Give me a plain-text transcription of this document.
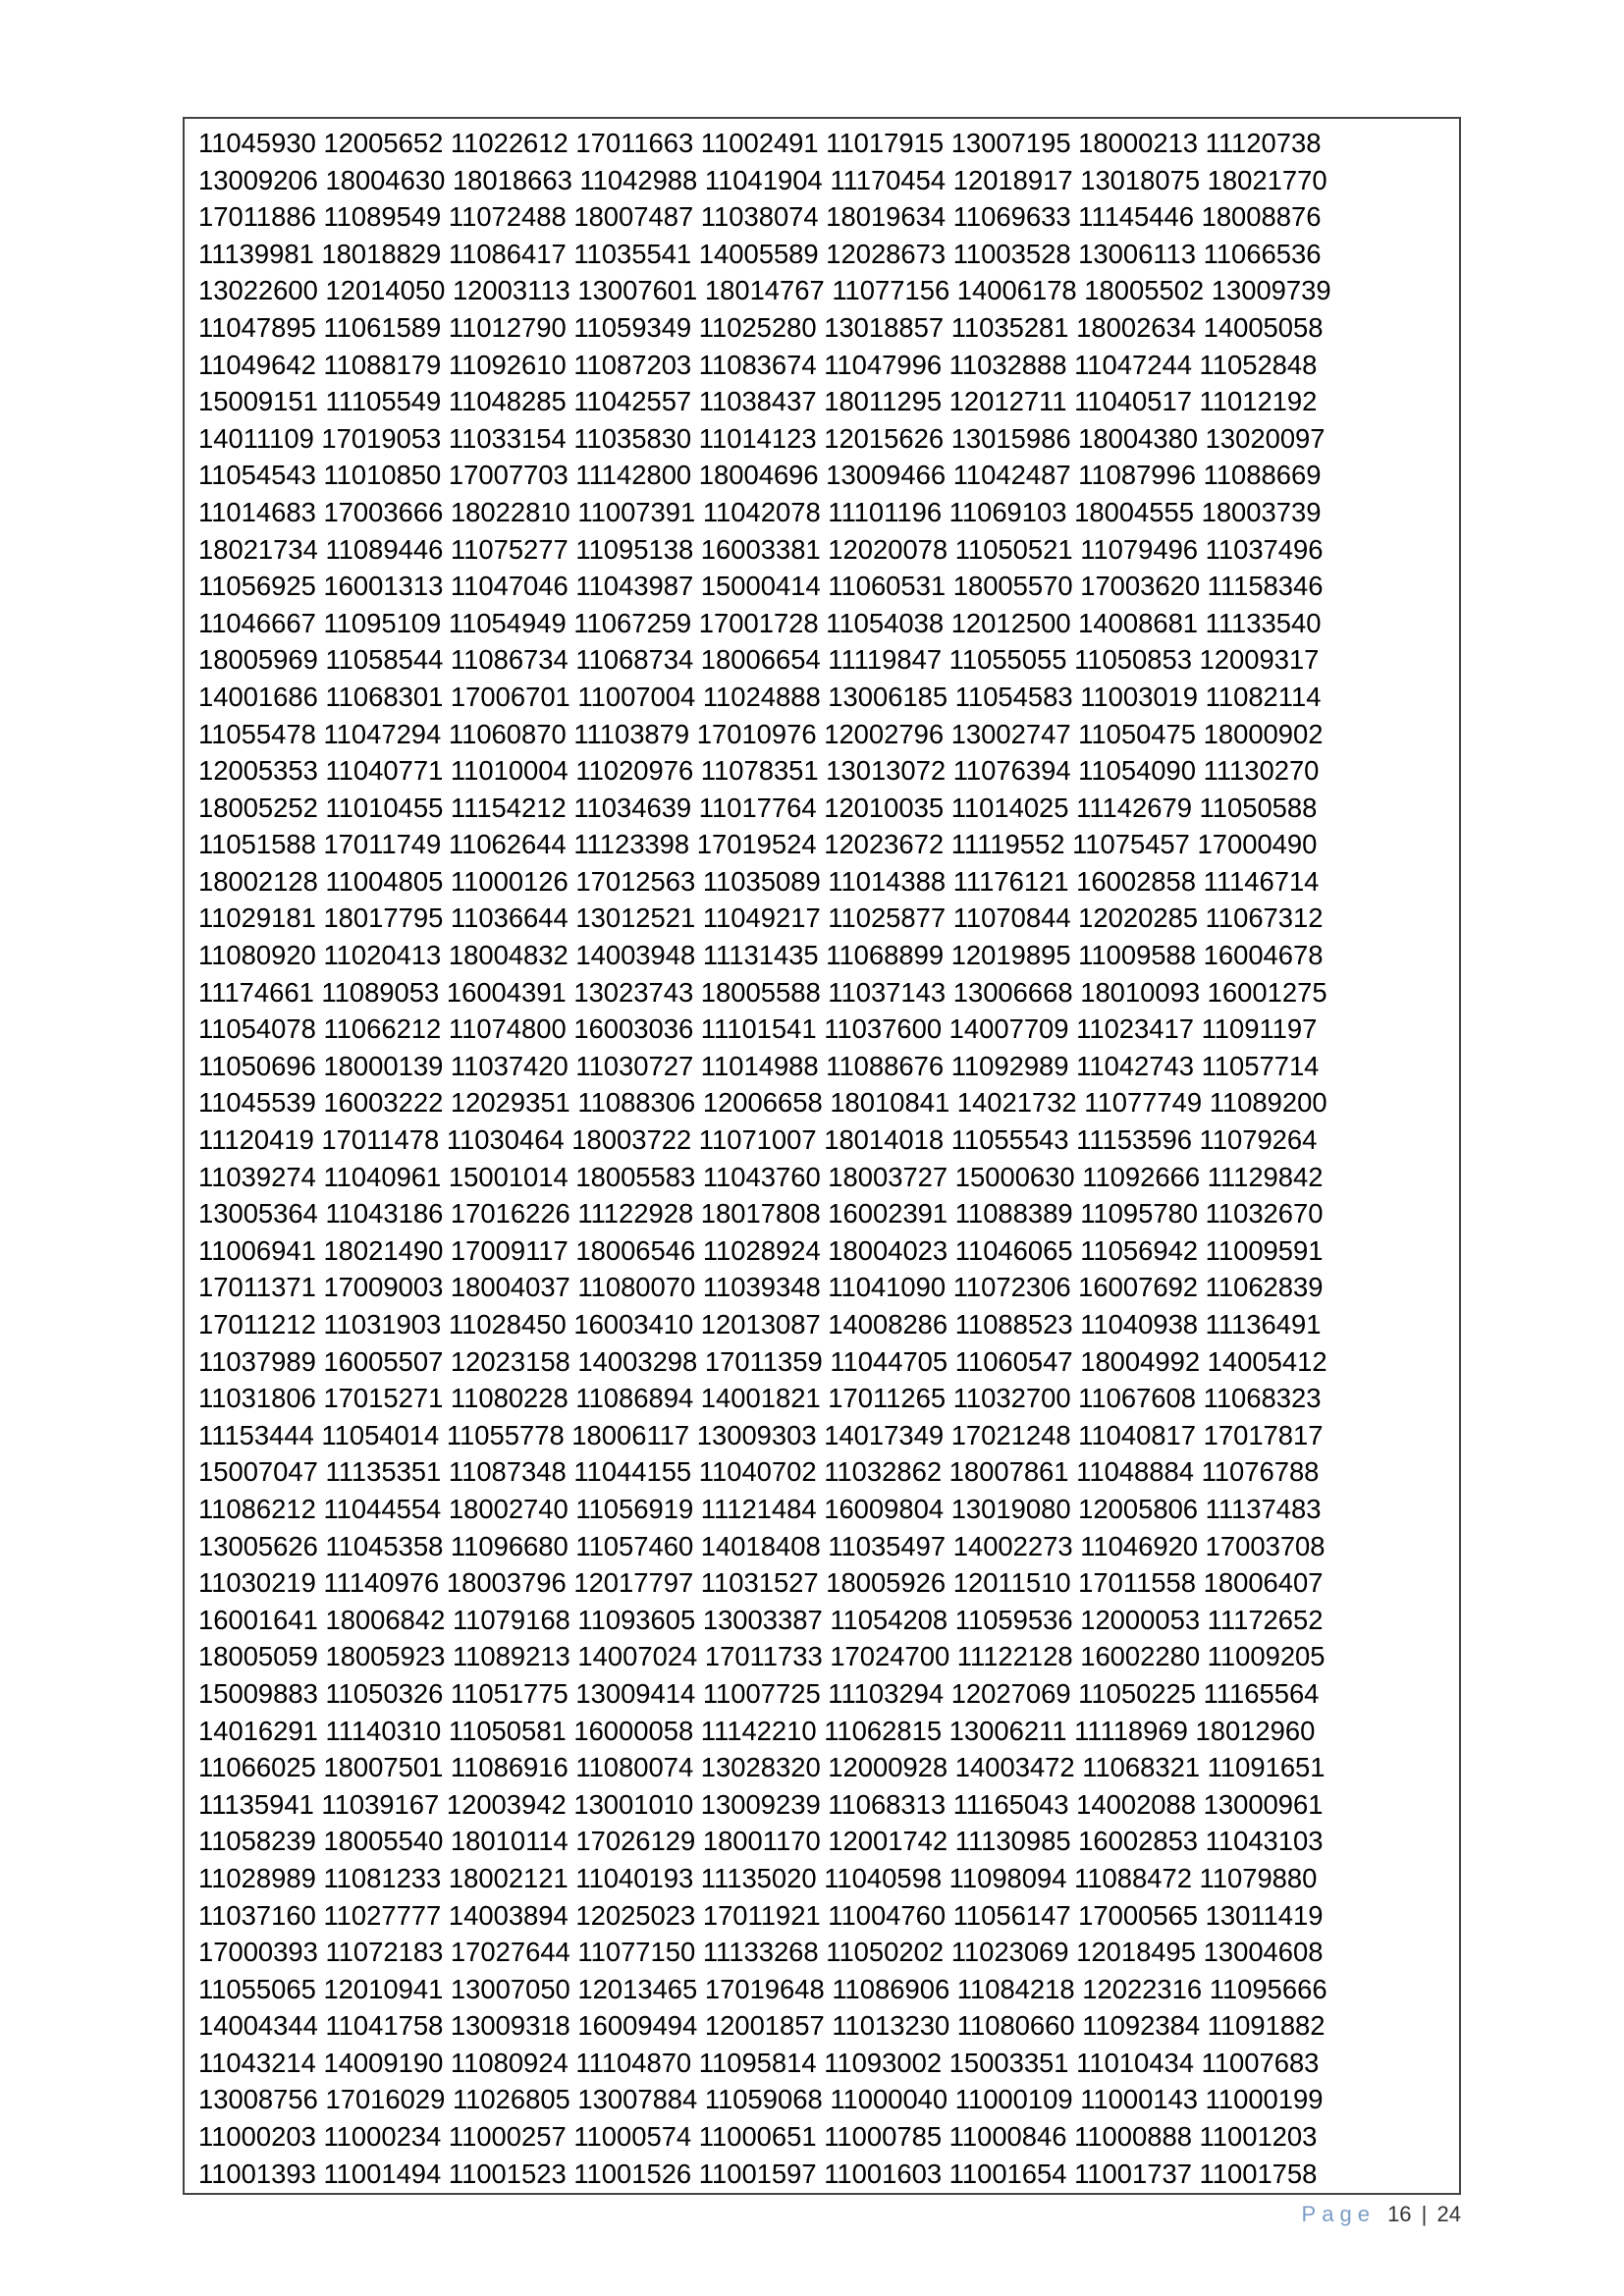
11045930 12005652 11022612 17011663 11002491 11017915 13007195 18000213 11120738
13009206 18004630 18018663 11042988 11041904 11170454 12018917 13018075 18021770
17011886 11089549 11072488 18007487 11038074 18019634 11069633 11145446 18008876
11139981 18018829 11086417 11035541 14005589 12028673 11003528 13006113 11066536
13022600 12014050 12003113 13007601 18014767 11077156 14006178 18005502 13009739
11047895 11061589 11012790 11059349 11025280 13018857 11035281 18002634 14005058
11049642 11088179 11092610 11087203 11083674 11047996 11032888 11047244 11052848
15009151 11105549 11048285 11042557 11038437 18011295 12012711 11040517 11012192
14011109 17019053 11033154 11035830 11014123 12015626 13015986 18004380 13020097
11054543 11010850 17007703 11142800 18004696 13009466 11042487 11087996 11088669
11014683 17003666 18022810 11007391 11042078 11101196 11069103 18004555 18003739
18021734 11089446 11075277 11095138 16003381 12020078 11050521 11079496 11037496
11056925 16001313 11047046 11043987 15000414 11060531 18005570 17003620 11158346
11046667 11095109 11054949 11067259 17001728 11054038 12012500 14008681 11133540
18005969 11058544 11086734 11068734 18006654 11119847 11055055 11050853 12009317
14001686 11068301 17006701 11007004 11024888 13006185 11054583 11003019 11082114
11055478 11047294 11060870 11103879 17010976 12002796 13002747 11050475 18000902
12005353 11040771 11010004 11020976 11078351 13013072 11076394 11054090 11130270
18005252 11010455 11154212 11034639 11017764 12010035 11014025 11142679 11050588
11051588 17011749 11062644 11123398 17019524 12023672 11119552 11075457 17000490
18002128 11004805 11000126 17012563 11035089 11014388 11176121 16002858 11146714
11029181 18017795 11036644 13012521 11049217 11025877 11070844 12020285 11067312
11080920 11020413 18004832 14003948 11131435 11068899 12019895 11009588 16004678
11174661 11089053 16004391 13023743 18005588 11037143 13006668 18010093 16001275
11054078 11066212 11074800 16003036 11101541 11037600 14007709 11023417 11091197
11050696 18000139 11037420 11030727 11014988 11088676 11092989 11042743 11057714
11045539 16003222 12029351 11088306 12006658 18010841 14021732 11077749 11089200
11120419 17011478 11030464 18003722 11071007 18014018 11055543 11153596 11079264
11039274 11040961 15001014 18005583 11043760 18003727 15000630 11092666 11129842
13005364 11043186 17016226 11122928 18017808 16002391 11088389 11095780 11032670
11006941 18021490 17009117 18006546 11028924 18004023 11046065 11056942 11009591
17011371 17009003 18004037 11080070 11039348 11041090 11072306 16007692 11062839
17011212 11031903 11028450 16003410 12013087 14008286 11088523 11040938 11136491
11037989 16005507 12023158 14003298 17011359 11044705 11060547 18004992 14005412
11031806 17015271 11080228 11086894 14001821 17011265 11032700 11067608 11068323
11153444 11054014 11055778 18006117 13009303 14017349 17021248 11040817 17017817
15007047 11135351 11087348 11044155 11040702 11032862 18007861 11048884 11076788
11086212 11044554 18002740 11056919 11121484 16009804 13019080 12005806 11137483
13005626 11045358 11096680 11057460 14018408 11035497 14002273 11046920 17003708
11030219 11140976 18003796 12017797 11031527 18005926 12011510 17011558 18006407
16001641 18006842 11079168 11093605 13003387 11054208 11059536 12000053 11172652
18005059 18005923 11089213 14007024 17011733 17024700 11122128 16002280 11009205
15009883 11050326 11051775 13009414 11007725 11103294 12027069 11050225 11165564
14016291 11140310 11050581 16000058 11142210 11062815 13006211 11118969 18012960
11066025 18007501 11086916 11080074 13028320 12000928 14003472 11068321 11091651
11135941 11039167 12003942 13001010 13009239 11068313 11165043 14002088 13000961
11058239 18005540 18010114 17026129 18001170 12001742 11130985 16002853 11043103
11028989 11081233 18002121 11040193 11135020 11040598 11098094 11088472 11079880
11037160 11027777 14003894 12025023 17011921 11004760 11056147 17000565 13011419
17000393 11072183 17027644 11077150 11133268 11050202 11023069 12018495 13004608
11055065 12010941 13007050 12013465 17019648 11086906 11084218 12022316 11095666
14004344 11041758 13009318 16009494 12001857 11013230 11080660 11092384 11091882
11043214 14009190 11080924 11104870 11095814 11093002 15003351 11010434 11007683
13008756 17016029 11026805 13007884 11059068 11000040 11000109 11000143 11000199
11000203 11000234 11000257 11000574 11000651 11000785 11000846 11000888 11001203
11001393 11001494 11001523 11001526 11001597 11001603 11001654 11001737 11001758
Page 16 | 24
